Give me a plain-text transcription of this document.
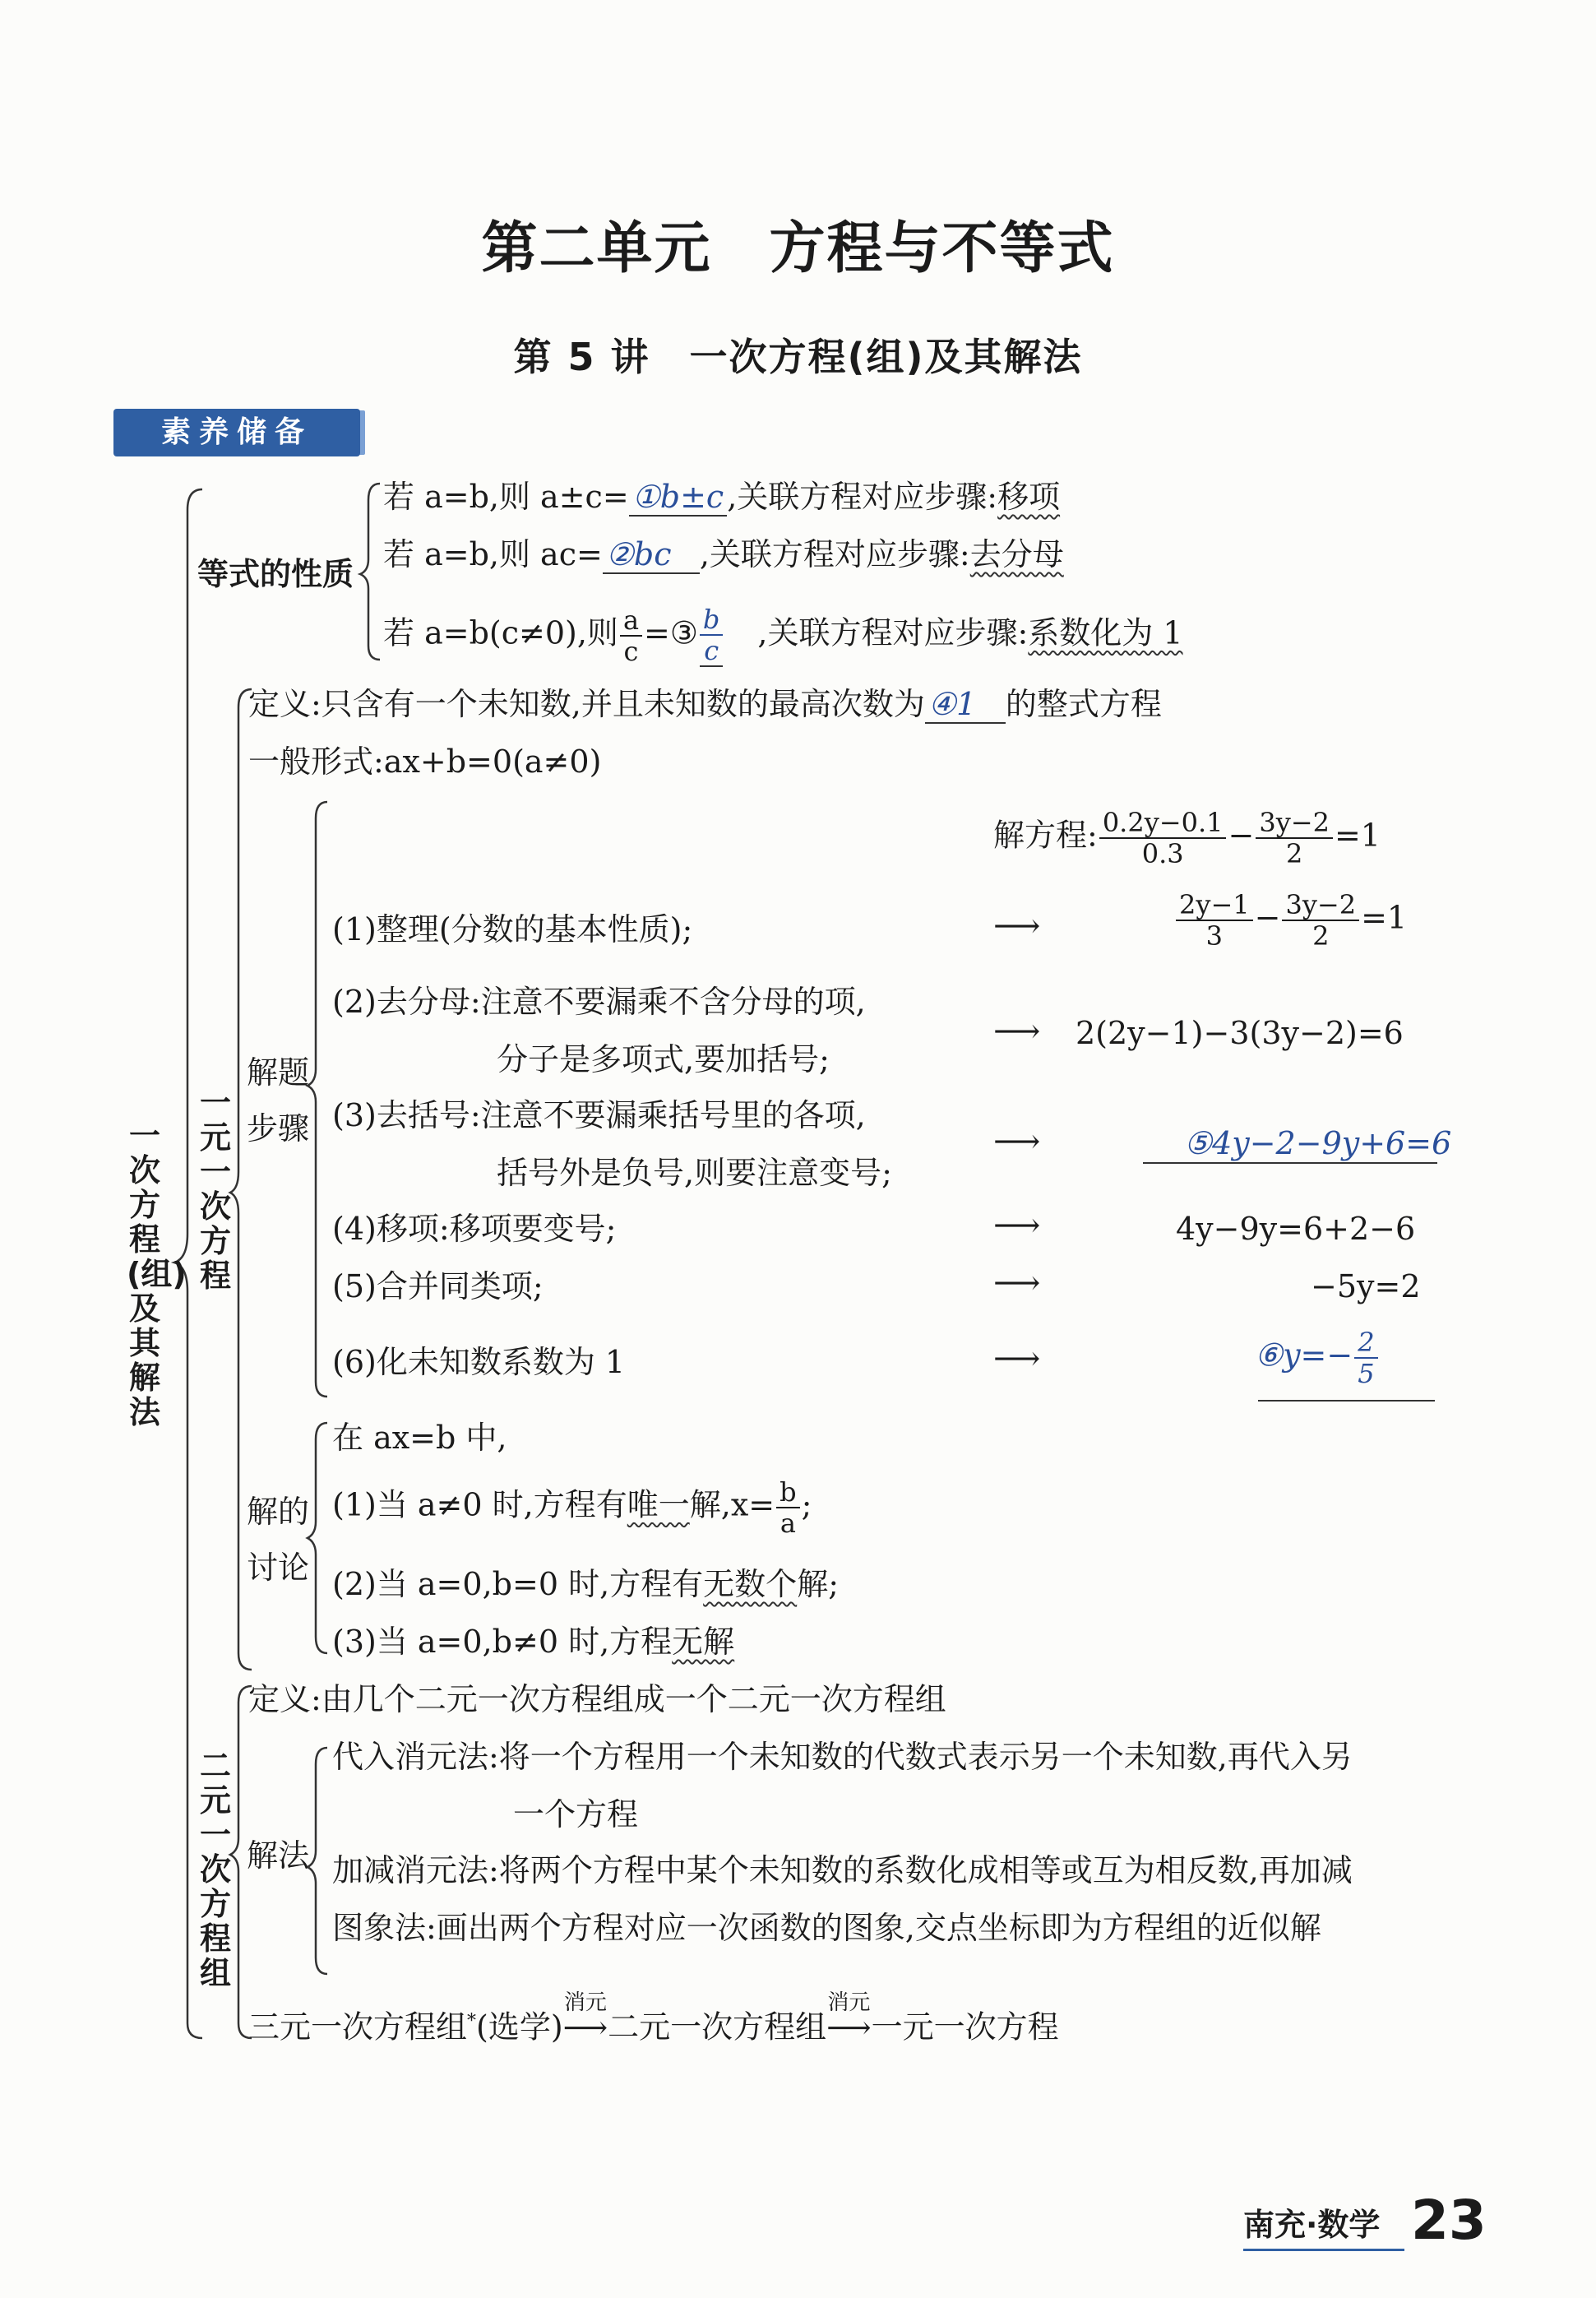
第二单元　方程与不等式
第 5 讲　一次方程(组)及其解法
素养储备
一次方程(组)及其解法
等式的性质
若 a=b,则 a±c= ①b±c ,关联方程对应步骤:移项
若 a=b,则 ac= ②bc ,关联方程对应步骤:去分母
若 a=b(c≠0),则 $\frac{a}{c}$ =③ $\frac{b}{c}$ ,关联方程对应步骤:系数化为 1
一元一次方程
定义:只含有一个未知数,并且未知数的最高次数为 ④1 的整式方程
一般形式:ax+b=0(a≠0)
解题
步骤
解方程: $\frac{0.2y-0.1}{0.3} - \frac{3y-2}{2} =1$
(1)整理(分数的基本性质);	⟶	$\frac{2y-1}{3} - \frac{3y-2}{2} =1$
(2)去分母:注意不要漏乘不含分母的项,
分子是多项式,要加括号;
⟶ 2(2y−1)−3(3y−2)=6
(3)去括号:注意不要漏乘括号里的各项,
括号外是负号,则要注意变号;
⟶	⑤4y−2−9y+6=6
(4)移项:移项要变号;	⟶	4y−9y=6+2−6
(5)合并同类项;	⟶	−5y=2
(6)化未知数系数为 1	⟶	⑥y=− $\frac{2}{5}$
解的
讨论
在 ax=b 中,
(1)当 a≠0 时,方程有唯一解$,x= \frac{b}{a}$ ;
(2)当 a=0,b=0 时,方程有无数个解;
(3)当 a=0,b≠0 时,方程无解
二元一次方程组
定义:由几个二元一次方程组成一个二元一次方程组
解法
代入消元法:将一个方程用一个未知数的代数式表示另一个未知数,再代入另
一个方程
加减消元法:将两个方程中某个未知数的系数化成相等或互为相反数,再加减
图象法:画出两个方程对应一次函数的图象,交点坐标即为方程组的近似解
三元一次方程组*(选学)
消元
⟶二元一次方程组
消元
⟶一元一次方程
南充·数学 23
